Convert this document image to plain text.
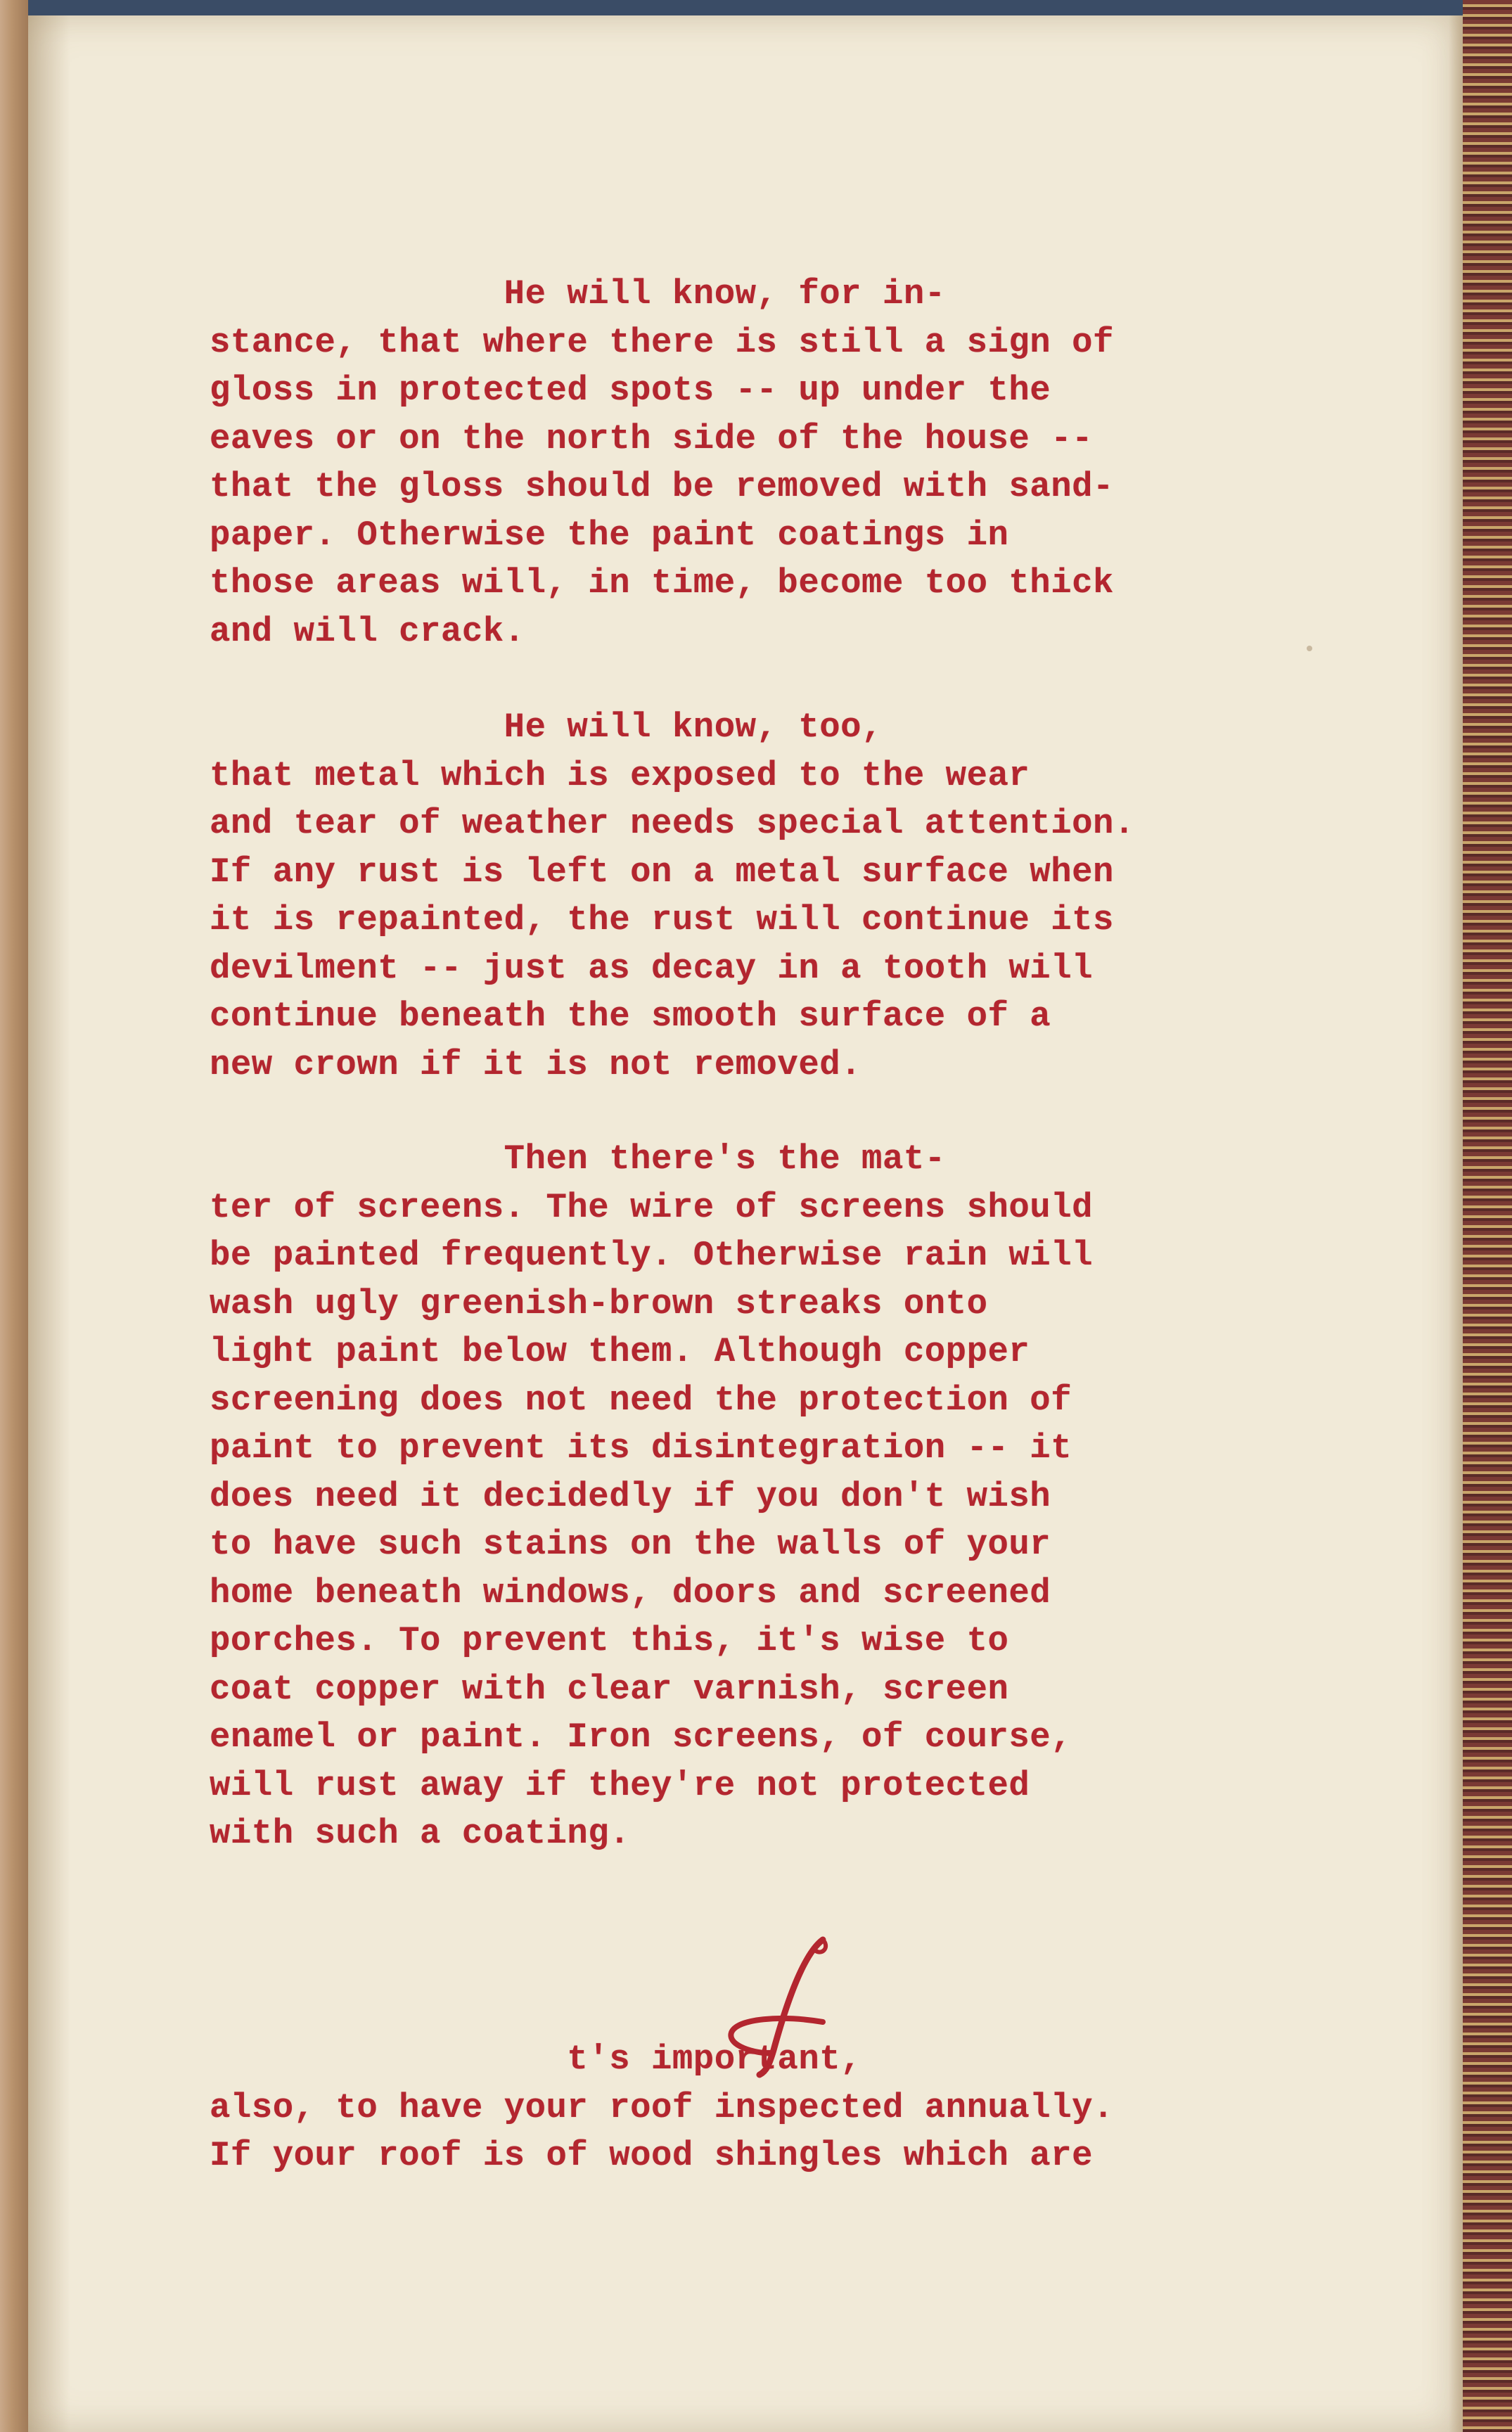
He will know, for in-
stance, that where there is still a sign of
gloss in protected spots -- up under the
eaves or on the north side of the house --
that the gloss should be removed with sand-
paper. Otherwise the paint coatings in
those areas will, in time, become too thick
and will crack.
He will know, too,
that metal which is exposed to the wear
and tear of weather needs special attention.
If any rust is left on a metal surface when
it is repainted, the rust will continue its
devilment -- just as decay in a tooth will
continue beneath the smooth surface of a
new crown if it is not removed.
Then there's the mat-
ter of screens. The wire of screens should
be painted frequently. Otherwise rain will
wash ugly greenish-brown streaks onto
light paint below them. Although copper
screening does not need the protection of
paint to prevent its disintegration -- it
does need it decidedly if you don't wish
to have such stains on the walls of your
home beneath windows, doors and screened
porches. To prevent this, it's wise to
coat copper with clear varnish, screen
enamel or paint. Iron screens, of course,
will rust away if they're not protected
with such a coating.
t's important,
also, to have your roof inspected annually.
If your roof is of wood shingles which are
